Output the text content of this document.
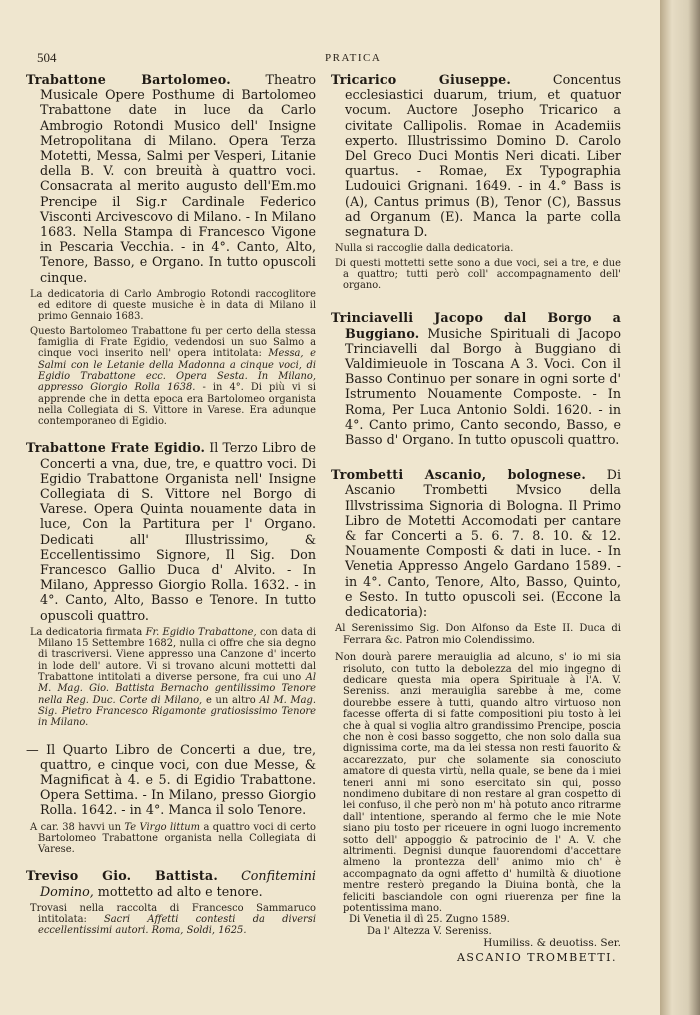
504	PRATICA

Trabattone Bartolomeo. Theatro Musicale Opere Posthume di Bartolomeo Trabattone date in luce da Carlo Ambrogio Rotondi Musico dell' Insigne Metropolitana di Milano. Opera Terza Motetti, Messa, Salmi per Vesperi, Litanie della B. V. con breuità à quattro voci. Consacrata al merito augusto dell'Em.mo Prencipe il Sig.r Cardinale Federico Visconti Arcivescovo di Milano. - In Milano 1683. Nella Stampa di Francesco Vigone in Pescaria Vecchia. - in 4°. Canto, Alto, Tenore, Basso, e Organo. In tutto opuscoli cinque.

La dedicatoria di Carlo Ambrogio Rotondi raccoglitore ed editore di queste musiche è in data di Milano il primo Gennaio 1683.

Questo Bartolomeo Trabattone fu per certo della stessa famiglia di Frate Egidio, vedendosi un suo Salmo a cinque voci inserito nell' opera intitolata: Messa, e Salmi con le Letanie della Madonna a cinque voci, di Egidio Trabattone ecc. Opera Sesta. In Milano, appresso Giorgio Rolla 1638. - in 4°. Di più vi si apprende che in detta epoca era Bartolomeo organista nella Collegiata di S. Vittore in Varese. Era adunque contemporaneo di Egidio.

Trabattone Frate Egidio. Il Terzo Libro de Concerti a vna, due, tre, e quattro voci. Di Egidio Trabattone Organista nell' Insigne Collegiata di S. Vittore nel Borgo di Varese. Opera Quinta nouamente data in luce, Con la Partitura per l' Organo. Dedicati all' Illustrissimo, & Eccellentissimo Signore, Il Sig. Don Francesco Gallio Duca d' Alvito. - In Milano, Appresso Giorgio Rolla. 1632. - in 4°. Canto, Alto, Basso e Tenore. In tutto opuscoli quattro.

La dedicatoria firmata Fr. Egidio Trabattone, con data di Milano 15 Settembre 1682, nulla ci offre che sia degno di trascriversi. Viene appresso una Canzone d' incerto in lode dell' autore. Vi si trovano alcuni mottetti dal Trabattone intitolati a diverse persone, fra cui uno Al M. Mag. Gio. Battista Bernacho gentilissimo Tenore nella Reg. Duc. Corte di Milano, e un altro Al M. Mag. Sig. Pietro Francesco Rigamonte gratiosissimo Tenore in Milano.

— Il Quarto Libro de Concerti a due, tre, quattro, e cinque voci, con due Messe, & Magnificat à 4. e 5. di Egidio Trabattone. Opera Settima. - In Milano, presso Giorgio Rolla. 1642. - in 4°. Manca il solo Tenore.

A car. 38 havvi un Te Virgo littum a quattro voci di certo Bartolomeo Trabattone organista nella Collegiata di Varese.

Treviso Gio. Battista. Confitemini Domino, mottetto ad alto e tenore.

Trovasi nella raccolta di Francesco Sammaruco intitolata: Sacri Affetti contesti da diversi eccellentissimi autori. Roma, Soldi, 1625.

Tricarico Giuseppe. Concentus ecclesiastici duarum, trium, et quatuor vocum. Auctore Josepho Tricarico a civitate Callipolis. Romae in Academiis experto. Illustrissimo Domino D. Carolo Del Greco Duci Montis Neri dicati. Liber quartus. - Romae, Ex Typographia Ludouici Grignani. 1649. - in 4.° Bass is (A), Cantus primus (B), Tenor (C), Bassus ad Organum (E). Manca la parte colla segnatura D.

Nulla si raccoglie dalla dedicatoria.

Di questi mottetti sette sono a due voci, sei a tre, e due a quattro; tutti però coll' accompagnamento dell' organo.

Trinciavelli Jacopo dal Borgo a Buggiano. Musiche Spirituali di Jacopo Trinciavelli dal Borgo à Buggiano di Valdimieuole in Toscana A 3. Voci. Con il Basso Continuo per sonare in ogni sorte d' Istrumento Nouamente Composte. - In Roma, Per Luca Antonio Soldi. 1620. - in 4°. Canto primo, Canto secondo, Basso, e Basso d' Organo. In tutto opuscoli quattro.

Trombetti Ascanio, bolognese. Di Ascanio Trombetti Mvsico della Illvstrissima Signoria di Bologna. Il Primo Libro de Motetti Accomodati per cantare & far Concerti a 5. 6. 7. 8. 10. & 12. Nouamente Composti & dati in luce. - In Venetia Appresso Angelo Gardano 1589. - in 4°. Canto, Tenore, Alto, Basso, Quinto, e Sesto. In tutto opuscoli sei. (Eccone la dedicatoria):

Al Serenissimo Sig. Don Alfonso da Este II. Duca di Ferrara &c. Patron mio Colendissimo.

Non dourà parere merauiglia ad alcuno, s' io mi sia risoluto, con tutto la debolezza del mio ingegno di dedicare questa mia opera Spirituale à l'A. V. Sereniss. anzi merauiglia sarebbe à me, come dourebbe essere à tutti, quando altro virtuoso non facesse offerta di si fatte compositioni piu tosto à lei che à qual si voglia altro grandissimo Prencipe, poscia che non è cosi basso soggetto, che non solo dalla sua dignissima corte, ma da lei stessa non resti fauorito & accarezzato, pur che solamente sia conosciuto amatore di questa virtù, nella quale, se bene da i miei teneri anni mi sono esercitato sin qui, posso nondimeno dubitare di non restare al gran cospetto di lei confuso, il che però non m' hà potuto anco ritrarme dall' intentione, sperando al fermo che le mie Note siano piu tosto per riceuere in ogni luogo incremento sotto dell' appoggio & patrocinio de l' A. V. che altrimenti. Degnisi dunque fauorendomi d'accettare almeno la prontezza dell' animo mio ch' è accompagnato da ogni affetto d' humiltà & diuotione mentre resterò pregando la Diuina bontà, che la feliciti basciandole con ogni riuerenza per fine la potentissima mano.

Di Venetia il dì 25. Zugno 1589.

Da l' Altezza V. Sereniss.

Humiliss. & deuotiss. Ser.

ASCANIO TROMBETTI.
